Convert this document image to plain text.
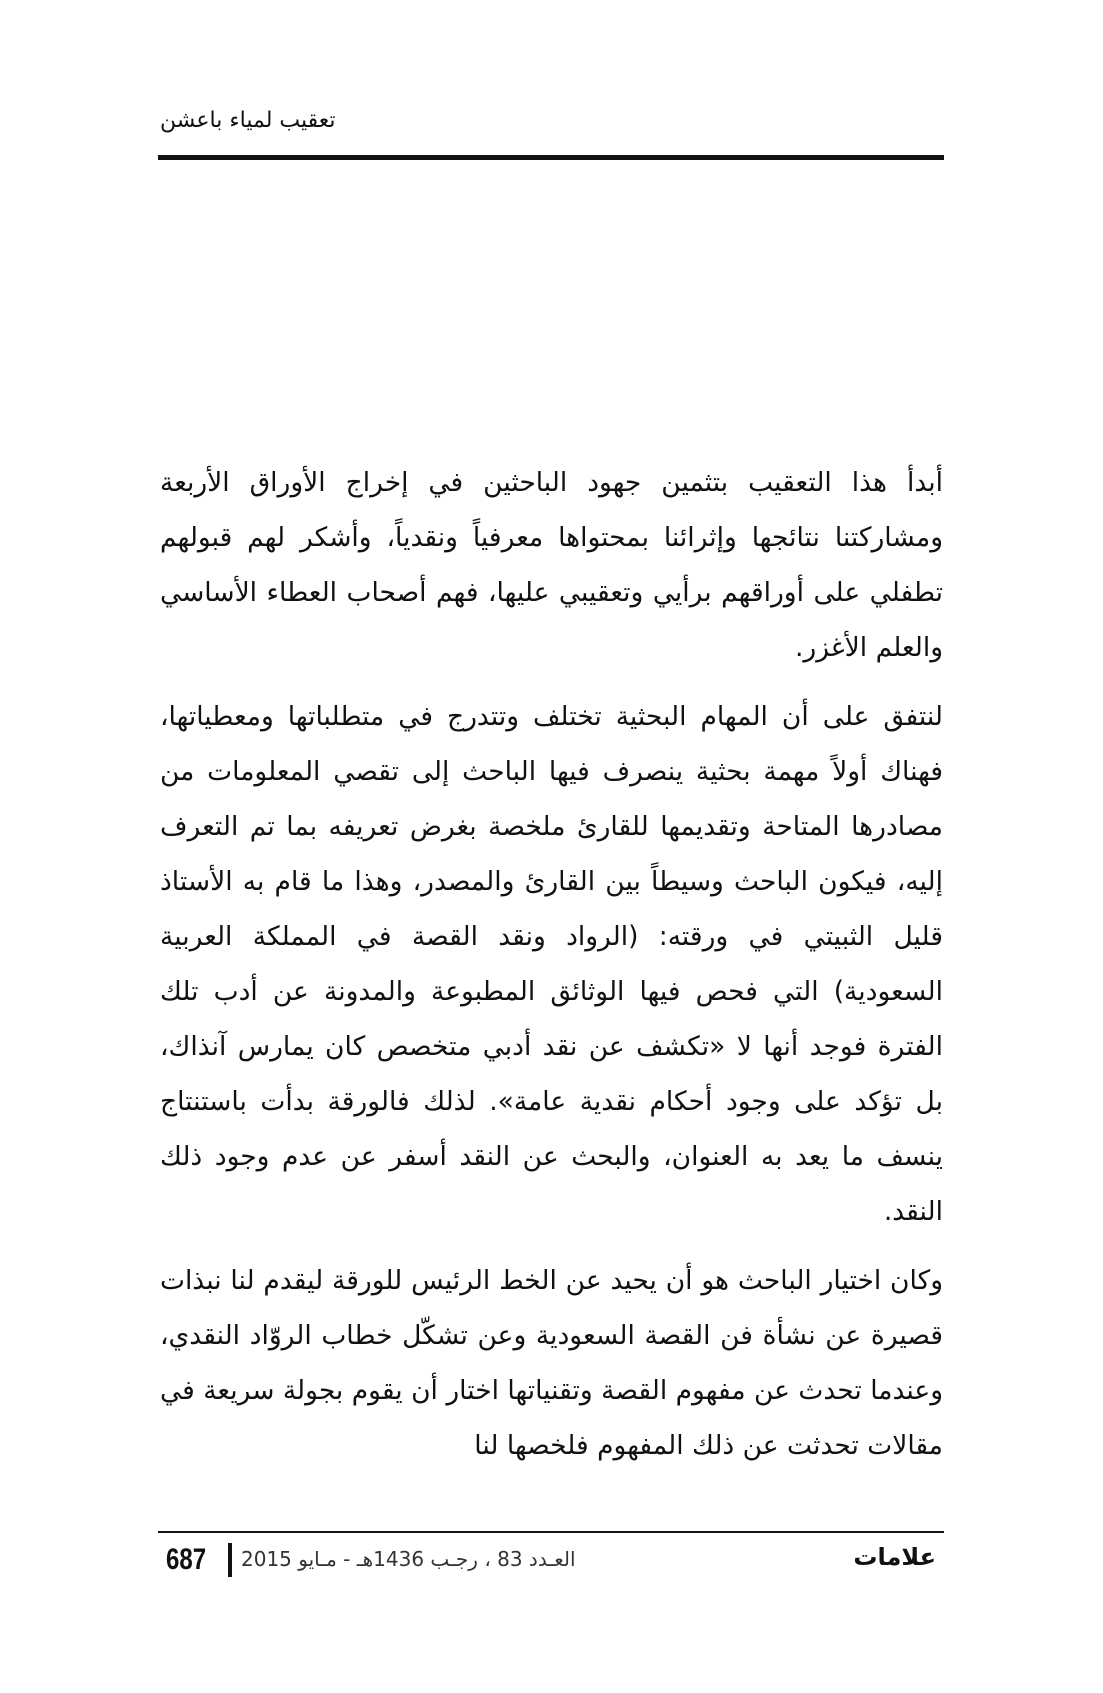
تعقيب لمياء باعشن

أبدأ هذا التعقيب بتثمين جهود الباحثين في إخراج الأوراق الأربعة ومشاركتنا نتائجها وإثرائنا بمحتواها معرفياً ونقدياً، وأشكر لهم قبولهم تطفلي على أوراقهم برأيي وتعقيبي عليها، فهم أصحاب العطاء الأساسي والعلم الأغزر.

لنتفق على أن المهام البحثية تختلف وتتدرج في متطلباتها ومعطياتها، فهناك أولاً مهمة بحثية ينصرف فيها الباحث إلى تقصي المعلومات من مصادرها المتاحة وتقديمها للقارئ ملخصة بغرض تعريفه بما تم التعرف إليه، فيكون الباحث وسيطاً بين القارئ والمصدر، وهذا ما قام به الأستاذ قليل الثبيتي في ورقته: (الرواد ونقد القصة في المملكة العربية السعودية) التي فحص فيها الوثائق المطبوعة والمدونة عن أدب تلك الفترة فوجد أنها لا «تكشف عن نقد أدبي متخصص كان يمارس آنذاك، بل تؤكد على وجود أحكام نقدية عامة». لذلك فالورقة بدأت باستنتاج ينسف ما يعد به العنوان، والبحث عن النقد أسفر عن عدم وجود ذلك النقد.

وكان اختيار الباحث هو أن يحيد عن الخط الرئيس للورقة ليقدم لنا نبذات قصيرة عن نشأة فن القصة السعودية وعن تشكّل خطاب الروّاد النقدي، وعندما تحدث عن مفهوم القصة وتقنياتها اختار أن يقوم بجولة سريعة في مقالات تحدثت عن ذلك المفهوم فلخصها لنا

687 العـدد 83 ، رجـب 1436هـ - مـايو 2015	علامات
